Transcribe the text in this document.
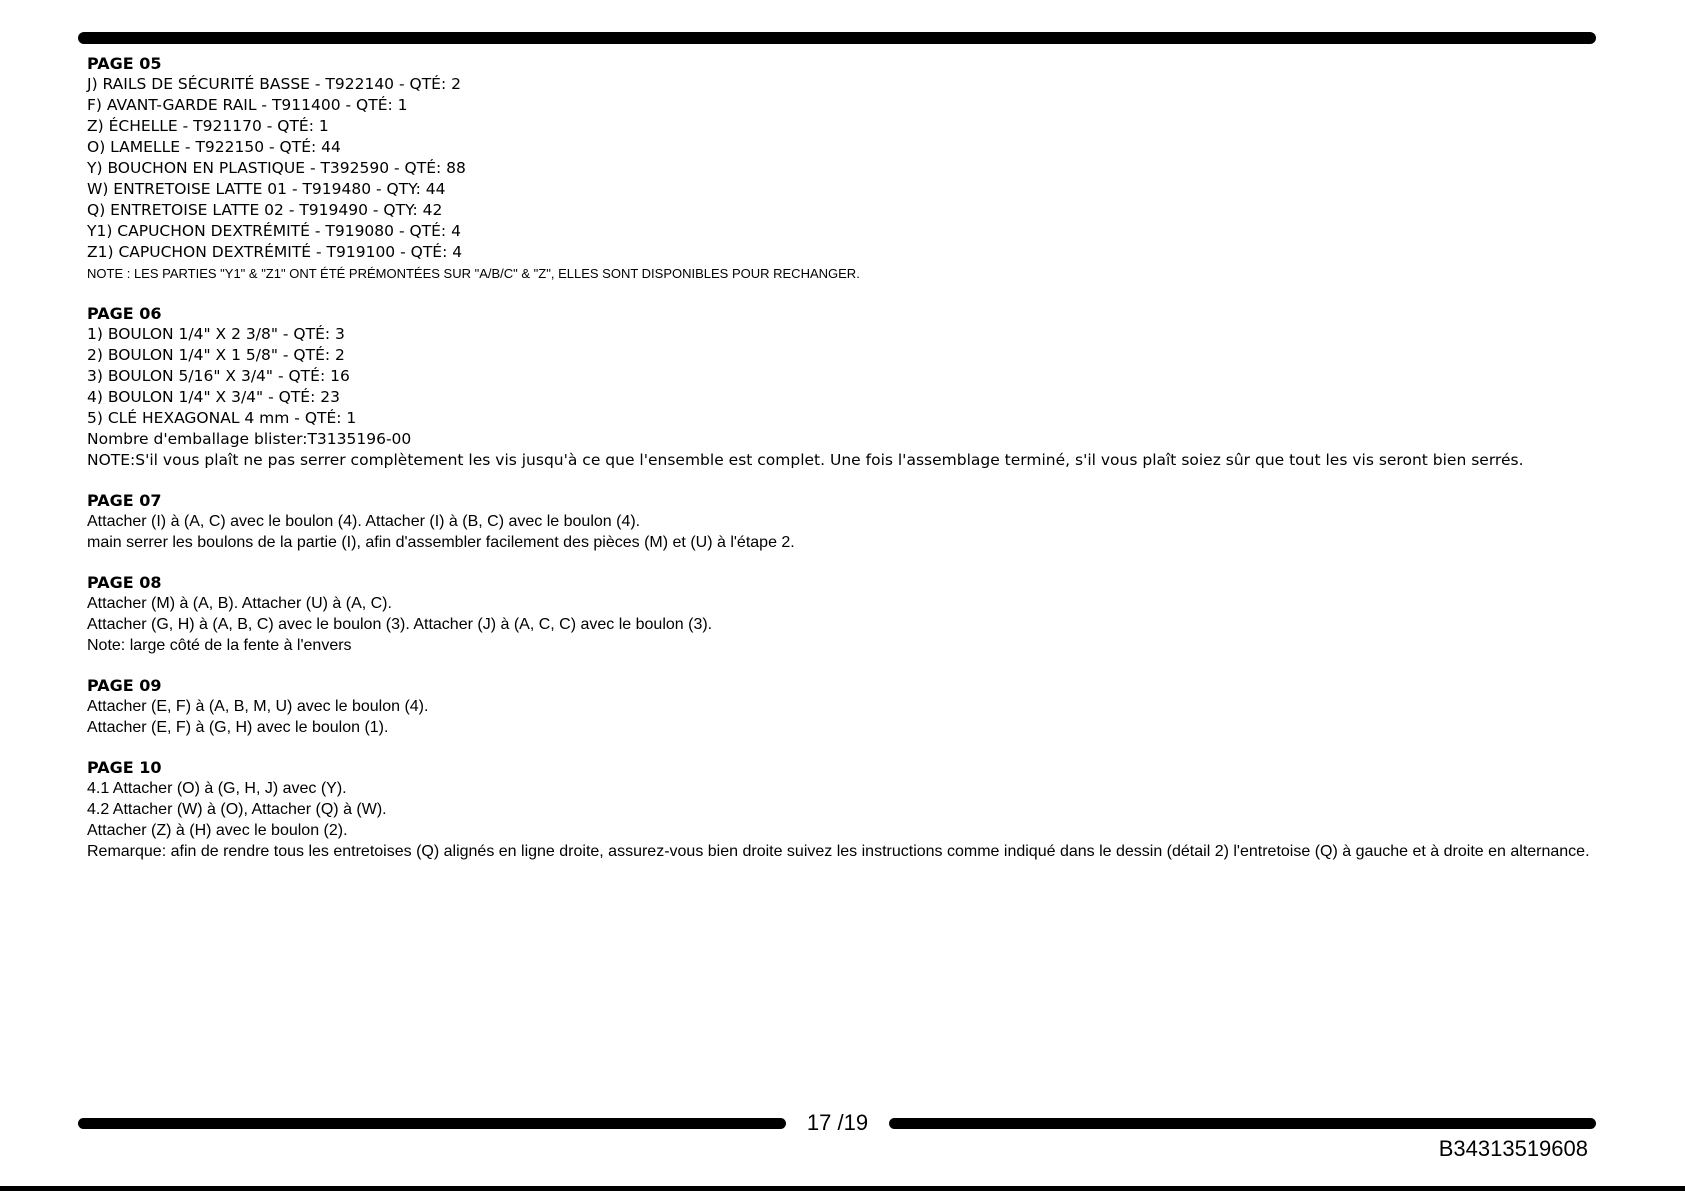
PAGE 05
J) RAILS DE SÉCURITÉ BASSE - T922140 - QTÉ: 2
F) AVANT-GARDE RAIL - T911400 - QTÉ: 1
Z) ÉCHELLE - T921170 - QTÉ: 1
O) LAMELLE - T922150 - QTÉ: 44
Y) BOUCHON EN PLASTIQUE - T392590 - QTÉ: 88
W) ENTRETOISE LATTE 01 - T919480 - QTY: 44
Q) ENTRETOISE LATTE 02 - T919490 - QTY: 42
Y1) CAPUCHON DEXTRÉMITÉ - T919080 - QTÉ: 4
Z1) CAPUCHON DEXTRÉMITÉ - T919100 - QTÉ: 4
NOTE : LES PARTIES "Y1" & "Z1" ONT ÉTÉ PRÉMONTÉES SUR "A/B/C" & "Z", ELLES SONT DISPONIBLES POUR RECHANGER.
PAGE 06
1) BOULON 1/4" X 2 3/8" - QTÉ: 3
2) BOULON 1/4" X 1 5/8" - QTÉ: 2
3) BOULON 5/16" X 3/4" - QTÉ: 16
4) BOULON 1/4" X 3/4" - QTÉ: 23
5) CLÉ HEXAGONAL 4 mm - QTÉ: 1
Nombre d'emballage blister:T3135196-00
NOTE:S'il vous plaît ne pas serrer complètement les vis jusqu'à ce que l'ensemble est complet. Une fois l'assemblage terminé, s'il vous plaît soiez sûr que tout les vis seront bien serrés.
PAGE 07
Attacher (I) à (A, C) avec le boulon (4). Attacher (I) à (B, C) avec le boulon (4).
main serrer les boulons de la partie (I), afin d'assembler facilement des pièces (M) et (U) à l'étape 2.
PAGE 08
Attacher (M) à (A, B). Attacher (U) à (A, C).
Attacher (G, H) à (A, B, C) avec le boulon (3). Attacher (J) à (A, C, C) avec le boulon (3).
Note: large côté de la fente à l'envers
PAGE 09
Attacher (E, F) à (A, B, M, U) avec le boulon (4).
Attacher (E, F) à (G, H) avec le boulon (1).
PAGE 10
4.1 Attacher (O) à (G, H, J) avec (Y).
4.2 Attacher (W) à (O), Attacher (Q) à (W).
Attacher (Z) à (H) avec le boulon (2).
Remarque: afin de rendre tous les entretoises (Q) alignés en ligne droite, assurez-vous bien droite suivez les instructions comme indiqué dans le dessin (détail 2) l'entretoise (Q) à gauche et à droite en alternance.
17 /19
B34313519608
